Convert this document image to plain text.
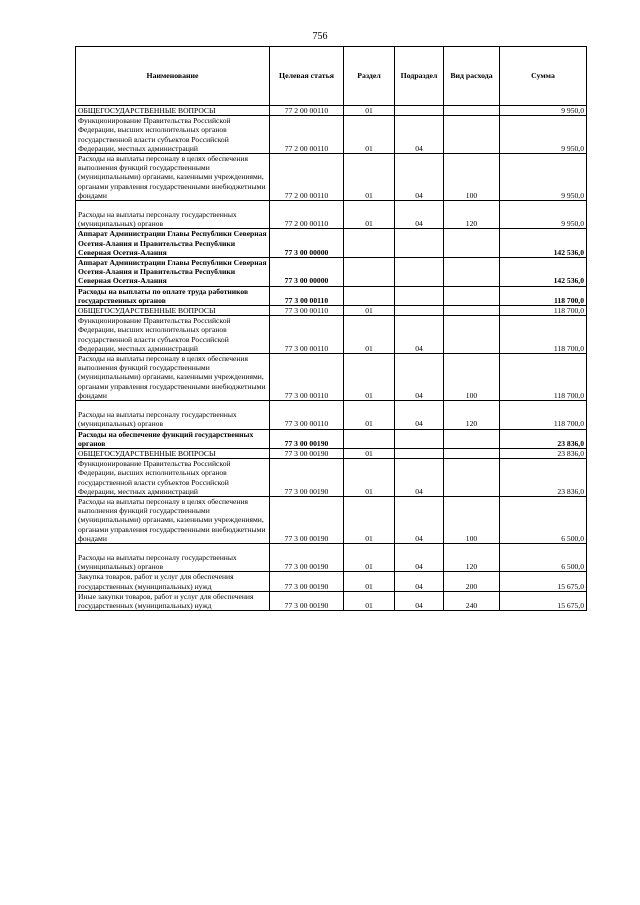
756
Наименование	Целевая статья	Раздел	Подраздел	Вид расхода	Сумма
ОБЩЕГОСУДАРСТВЕННЫЕ ВОПРОСЫ	77 2 00 00110	01			9 950,0
Функционирование Правительства Российской Федерации, высших исполнительных органов государственной власти субъектов Российской Федерации, местных администраций	77 2 00 00110	01	04		9 950,0
Расходы на выплаты персоналу в целях обеспечения выполнения функций государственными (муниципальными) органами, казенными учреждениями, органами управления государственными внебюджетными фондами	77 2 00 00110	01	04	100	9 950,0
Расходы на выплаты персоналу государственных (муниципальных) органов	77 2 00 00110	01	04	120	9 950,0
Аппарат Администрации Главы Республики Северная Осетия-Алания и Правительства Республики Северная Осетия-Алания	77 3 00 00000				142 536,0
Аппарат Администрации Главы Республики Северная Осетия-Алания и Правительства Республики Северная Осетия-Алания	77 3 00 00000				142 536,0
Расходы на выплаты по оплате труда работников государственных органов	77 3 00 00110				118 700,0
ОБЩЕГОСУДАРСТВЕННЫЕ ВОПРОСЫ	77 3 00 00110	01			118 700,0
Функционирование Правительства Российской Федерации, высших исполнительных органов государственной власти субъектов Российской Федерации, местных администраций	77 3 00 00110	01	04		118 700,0
Расходы на выплаты персоналу в целях обеспечения выполнения функций государственными (муниципальными) органами, казенными учреждениями, органами управления государственными внебюджетными фондами	77 3 00 00110	01	04	100	118 700,0
Расходы на выплаты персоналу государственных (муниципальных) органов	77 3 00 00110	01	04	120	118 700,0
Расходы на обеспечение функций государственных органов	77 3 00 00190				23 836,0
ОБЩЕГОСУДАРСТВЕННЫЕ ВОПРОСЫ	77 3 00 00190	01			23 836,0
Функционирование Правительства Российской Федерации, высших исполнительных органов государственной власти субъектов Российской Федерации, местных администраций	77 3 00 00190	01	04		23 836,0
Расходы на выплаты персоналу в целях обеспечения выполнения функций государственными (муниципальными) органами, казенными учреждениями, органами управления государственными внебюджетными фондами	77 3 00 00190	01	04	100	6 500,0
Расходы на выплаты персоналу государственных (муниципальных) органов	77 3 00 00190	01	04	120	6 500,0
Закупка товаров, работ и услуг для обеспечения государственных (муниципальных) нужд	77 3 00 00190	01	04	200	15 675,0
Иные закупки товаров, работ и услуг для обеспечения государственных (муниципальных) нужд	77 3 00 00190	01	04	240	15 675,0
